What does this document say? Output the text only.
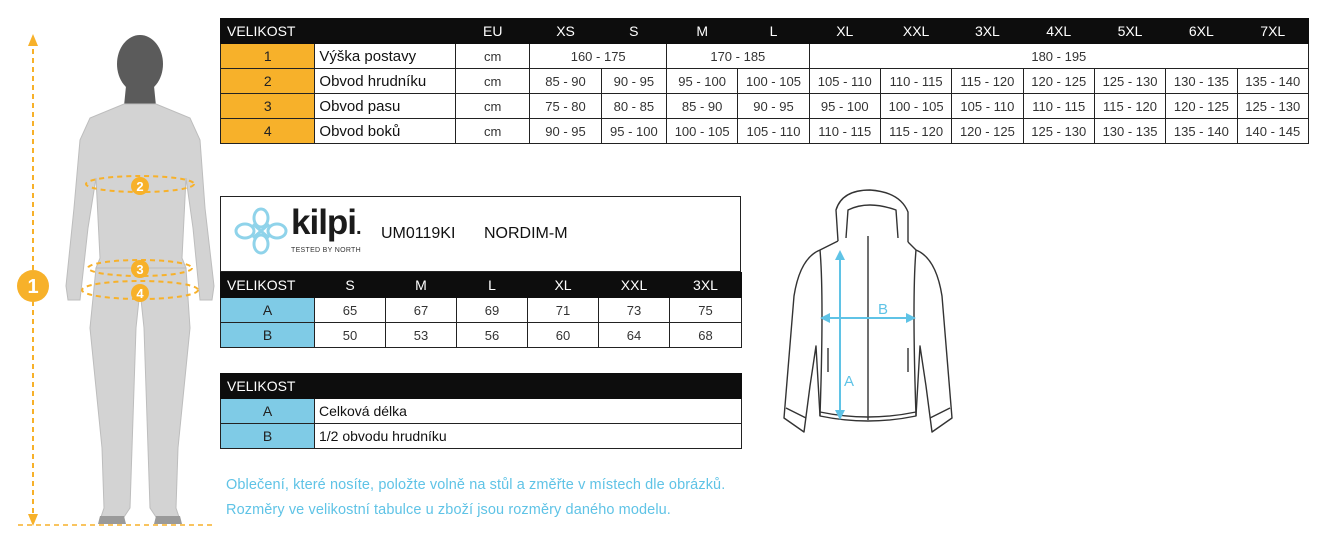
1
2
3
4
VELIKOST		EU	XS	S	M	L	XL	XXL	3XL	4XL	5XL	6XL	7XL
1	Výška postavy	cm	160 - 175		170 - 185		180 - 195						
2	Obvod hrudníku	cm	85 - 90	90 - 95	95 - 100	100 - 105	105 - 110	110 - 115	115 - 120	120 - 125	125 - 130	130 - 135	135 - 140
3	Obvod pasu	cm	75 - 80	80 - 85	85 - 90	90 - 95	95 - 100	100 - 105	105 - 110	110 - 115	115 - 120	120 - 125	125 - 130
4	Obvod boků	cm	90 - 95	95 - 100	100 - 105	105 - 110	110 - 115	115 - 120	120 - 125	125 - 130	130 - 135	135 - 140	140 - 145
kilpi.
TESTED BY NORTH
UM0119KI NORDIM-M
VELIKOST	S	M	L	XL	XXL	3XL
A	65	67	69	71	73	75
B	50	53	56	60	64	68
VELIKOST	
A	Celková délka
B	1/2 obvodu hrudníku
A
B
Oblečení, které nosíte, položte volně na stůl a změřte v místech dle obrázků.
Rozměry ve velikostní tabulce u zboží jsou rozměry daného modelu.
